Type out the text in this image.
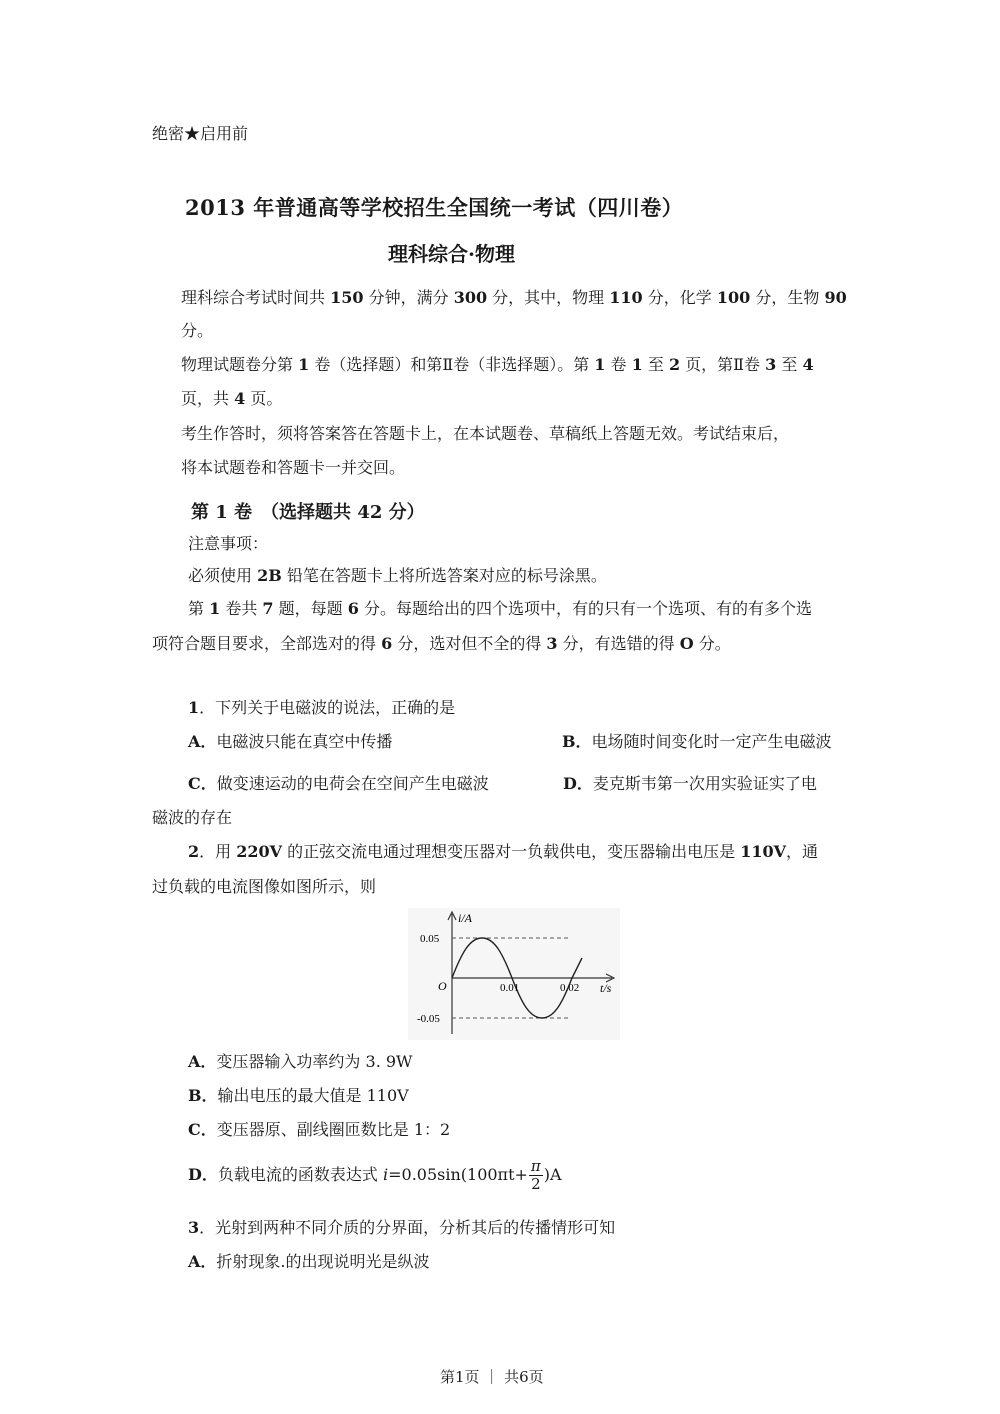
绝密★启用前
2013 年普通高等学校招生全国统一考试（四川卷）
理科综合·物理
理科综合考试时间共 150 分钟，满分 300 分，其中，物理 110 分，化学 100 分，生物 90
分。
物理试题卷分第 1 卷（选择题）和第Ⅱ卷（非选择题）。第 1 卷 1 至 2 页，第Ⅱ卷 3 至 4
页，共 4 页。
考生作答时，须将答案答在答题卡上，在本试题卷、草稿纸上答题无效。考试结束后，
将本试题卷和答题卡一并交回。
第 1 卷　（选择题共 42 分）
注意事项：
必须使用 2B 铅笔在答题卡上将所选答案对应的标号涂黑。
第 1 卷共 7 题，每题 6 分。每题给出的四个选项中，有的只有一个选项、有的有多个选
项符合题目要求，全部选对的得 6 分，选对但不全的得 3 分，有选错的得 O 分。
1．下列关于电磁波的说法，正确的是
A．电磁波只能在真空中传播	B．电场随时间变化时一定产生电磁波
C．做变速运动的电荷会在空间产生电磁波	D．麦克斯韦第一次用实验证实了电
磁波的存在
2．用 220V 的正弦交流电通过理想变压器对一负载供电，变压器输出电压是 110V，通
过负载的电流图像如图所示，则
i/A
0.05
-0.05
O	0.01	0.02 t/s
A．变压器输入功率约为 3. 9W
B．输出电压的最大值是 110V
C．变压器原、副线圈匝数比是 1：2
D．负载电流的函数表达式 $i=0.05\sin(100\pi t+ \frac{\pi}{2} )A$
3．光射到两种不同介质的分界面，分析其后的传播情形可知
A．折射现象.的出现说明光是纵波
第1页 ｜ 共6页
